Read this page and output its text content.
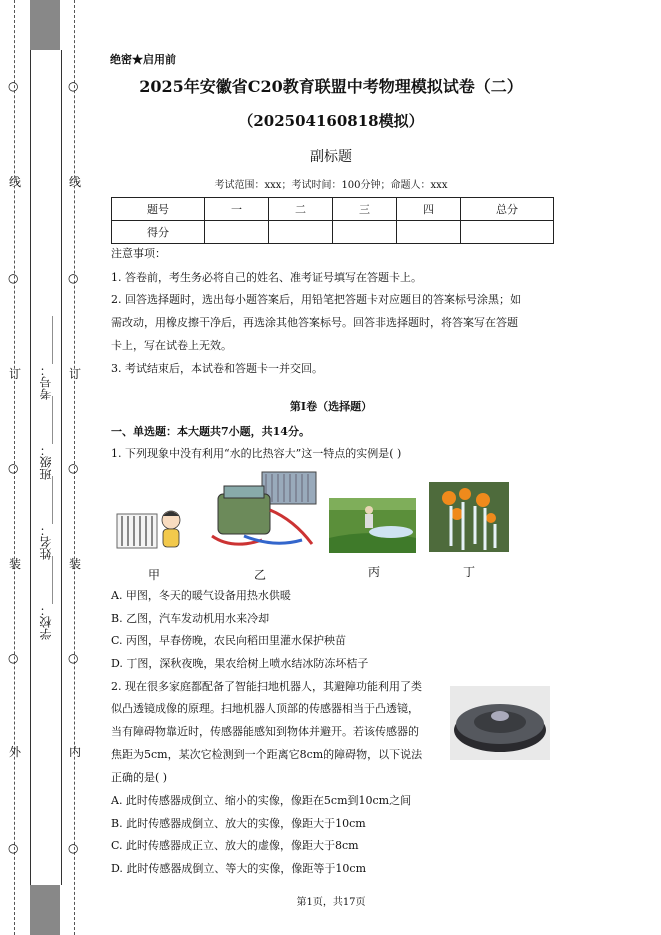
○
线
○
订
○
装
○
外
○
○
线
○
订
○
装
○
内
○
学校：________
姓名：________
班级：________
考号：________
绝密★启用前
2025年安徽省C20教育联盟中考物理模拟试卷（二）
（202504160818模拟）
副标题
考试范围：xxx；考试时间：100分钟；命题人：xxx
题号	一	二	三	四	总分
得分					
注意事项：
1. 答卷前，考生务必将自己的姓名、准考证号填写在答题卡上。
2. 回答选择题时，选出每小题答案后，用铅笔把答题卡对应题目的答案标号涂黑；如
需改动，用橡皮擦干净后，再选涂其他答案标号。回答非选择题时，将答案写在答题
卡上，写在试卷上无效。
3. 考试结束后，本试卷和答题卡一并交回。
第I卷（选择题）
一、单选题：本大题共7小题，共14分。
1. 下列现象中没有利用“水的比热容大”这一特点的实例是( )
甲	乙	丙	丁
A. 甲图，冬天的暖气设备用热水供暖
B. 乙图，汽车发动机用水来冷却
C. 丙图，早春傍晚，农民向稻田里灌水保护秧苗
D. 丁图，深秋夜晚，果农给树上喷水结冰防冻坏桔子
2. 现在很多家庭都配备了智能扫地机器人，其避障功能利用了类
似凸透镜成像的原理。扫地机器人顶部的传感器相当于凸透镜，
当有障碍物靠近时，传感器能感知到物体并避开。若该传感器的
焦距为5cm，某次它检测到一个距离它8cm的障碍物，以下说法
正确的是( )
A. 此时传感器成倒立、缩小的实像，像距在5cm到10cm之间
B. 此时传感器成倒立、放大的实像，像距大于10cm
C. 此时传感器成正立、放大的虚像，像距大于8cm
D. 此时传感器成倒立、等大的实像，像距等于10cm
第1页，共17页
